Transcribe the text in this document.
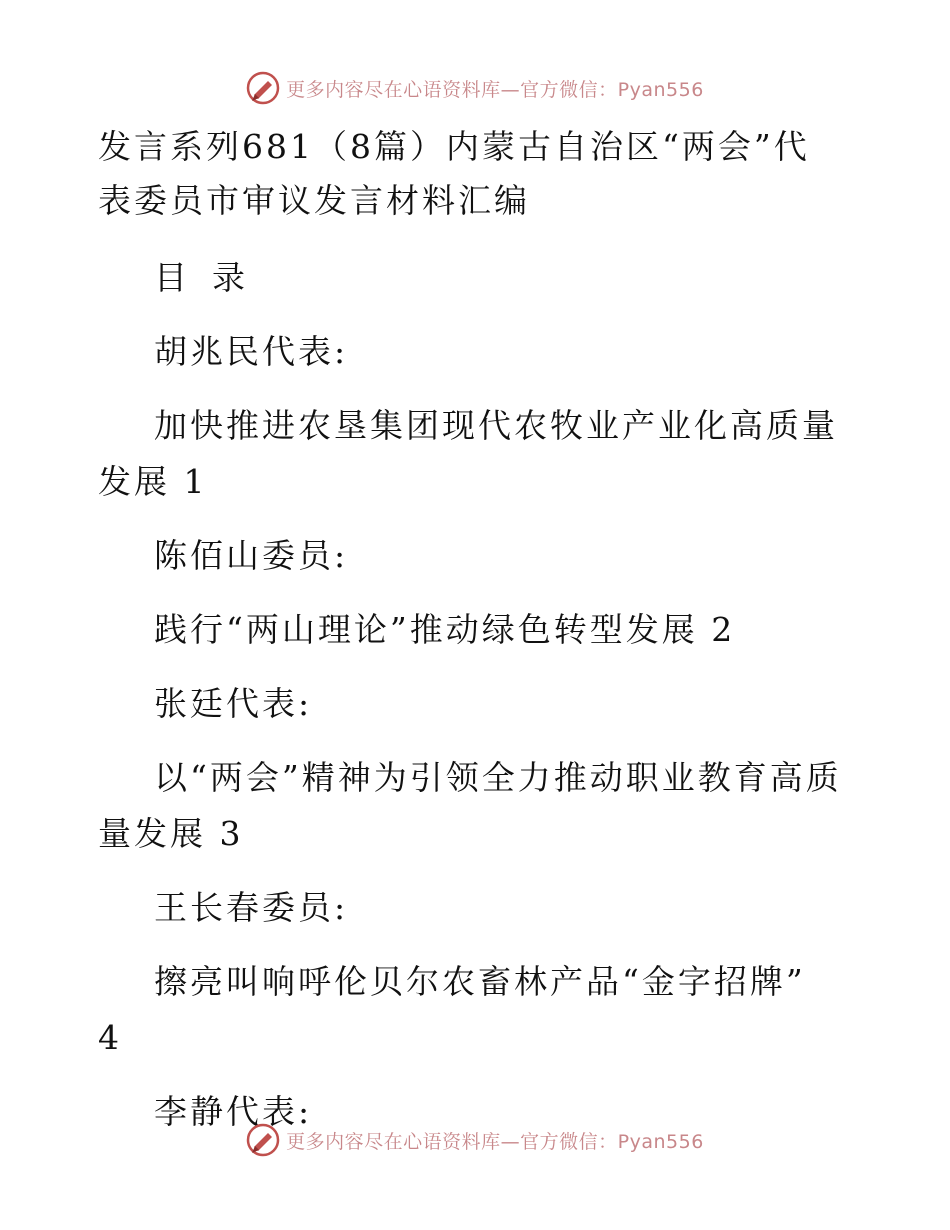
更多内容尽在心语资料库—官方微信：Pyan556
发言系列681（8篇）内蒙古自治区“两会”代表委员市审议发言材料汇编

目 录

胡兆民代表:

加快推进农垦集团现代农牧业产业化高质量发展 1

陈佰山委员:

践行“两山理论”推动绿色转型发展 2

张廷代表:

以“两会”精神为引领全力推动职业教育高质量发展 3

王长春委员:

擦亮叫响呼伦贝尔农畜林产品“金字招牌” 4

李静代表:

更多内容尽在心语资料库—官方微信：Pyan556
